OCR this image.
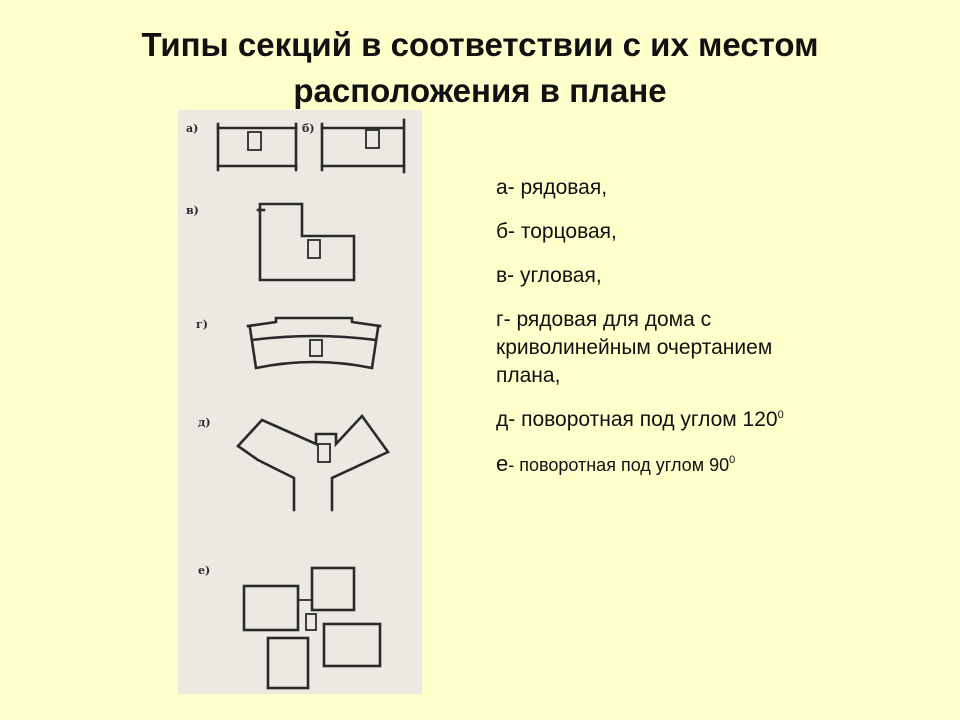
Типы секций в соответствии с их местом
расположения в плане
а)	б)
в)
г)
д)
е)

а- рядовая,

б- торцовая,

в- угловая,

г- рядовая для дома с криволинейным очертанием плана,

д- поворотная под углом $120^0$

е- поворотная под углом $90^0$
